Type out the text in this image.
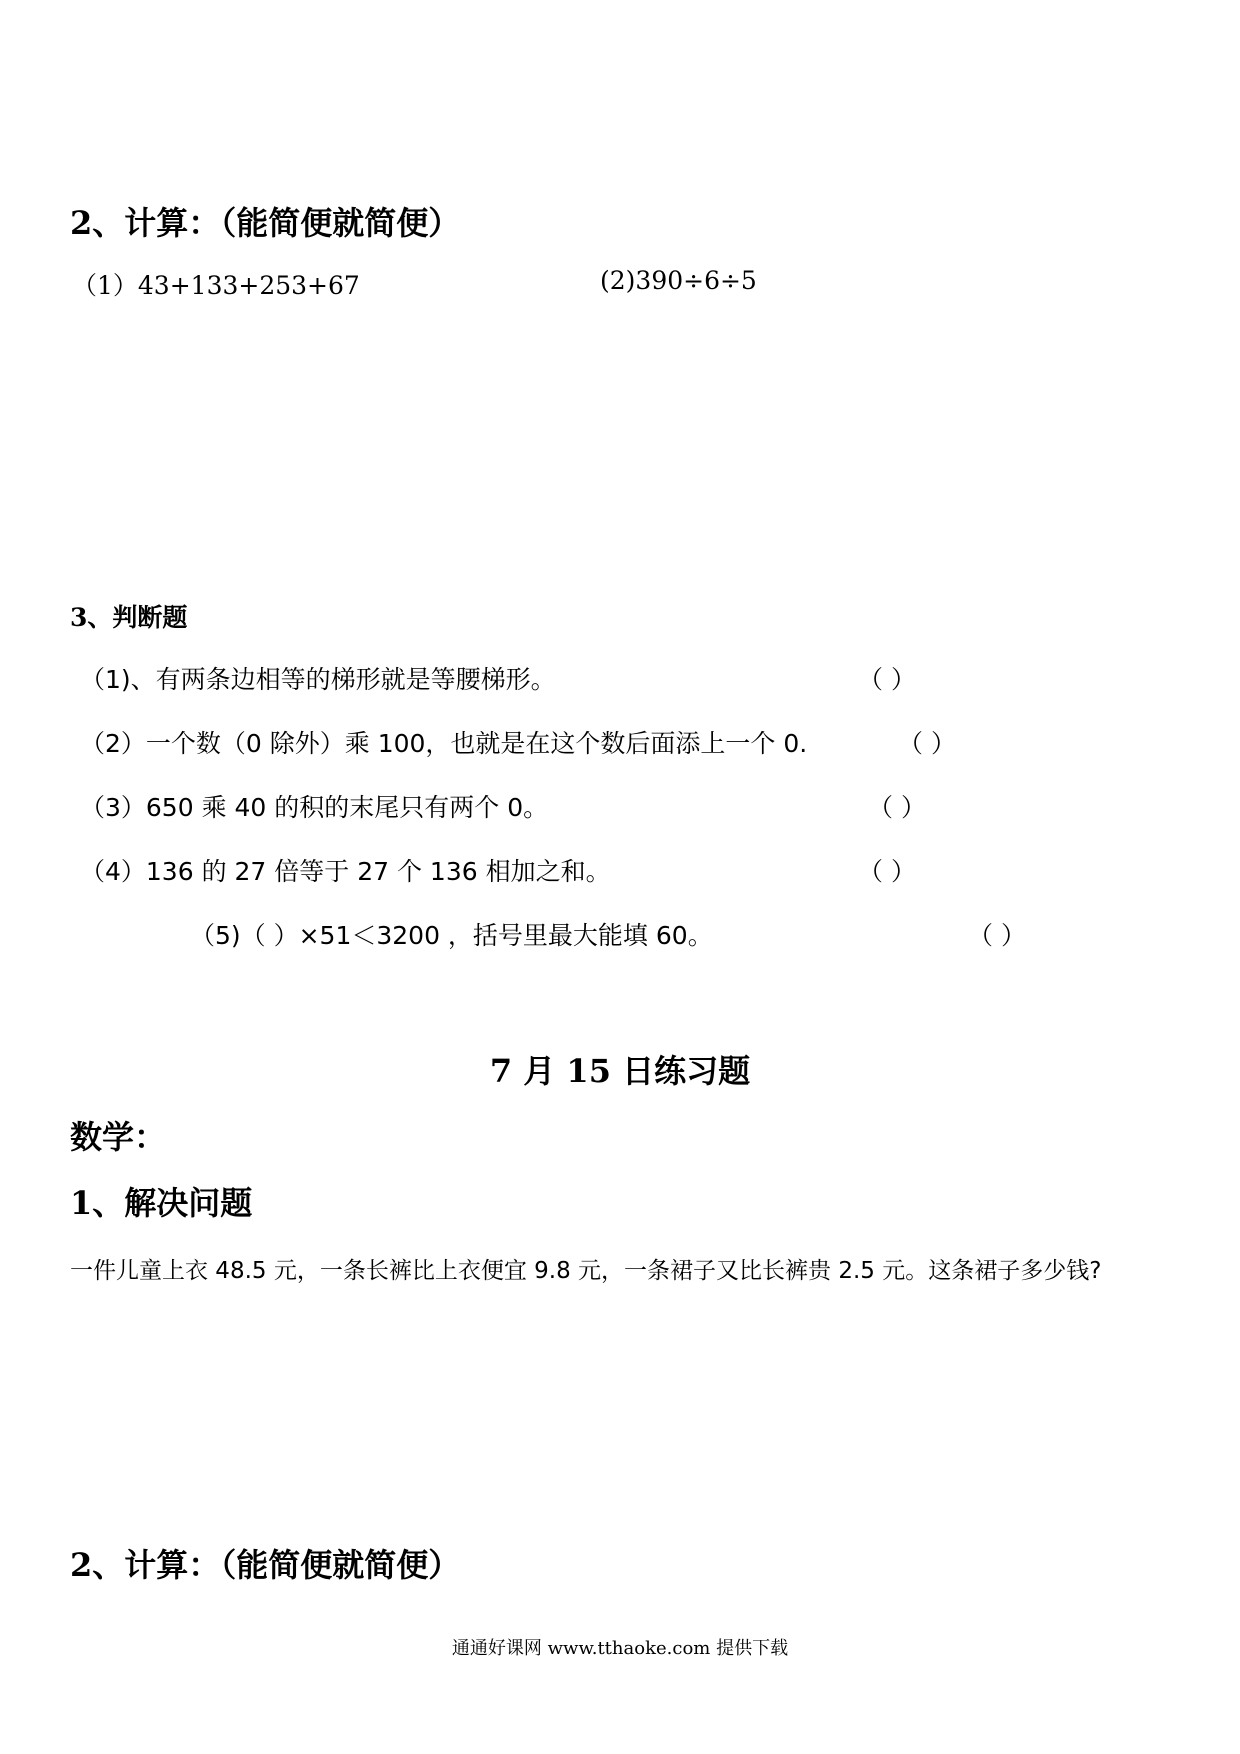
2、计算：（能简便就简便）
（1）43+133+253+67	(2)390÷6÷5
3、判断题
（1)、有两条边相等的梯形就是等腰梯形。	（ ）
（2）一个数（0 除外）乘 100，也就是在这个数后面添上一个 0.	（ ）
（3）650 乘 40 的积的末尾只有两个 0。	（ ）
（4）136 的 27 倍等于 27 个 136 相加之和。	（ ）
（5)（ ）×51＜3200 ，括号里最大能填 60。	（ ）
7 月 15 日练习题
数学：
1、解决问题
一件儿童上衣 48.5 元，一条长裤比上衣便宜 9.8 元，一条裙子又比长裤贵 2.5 元。这条裙子多少钱?
2、计算：（能简便就简便）
通通好课网 www.tthaoke.com 提供下载
